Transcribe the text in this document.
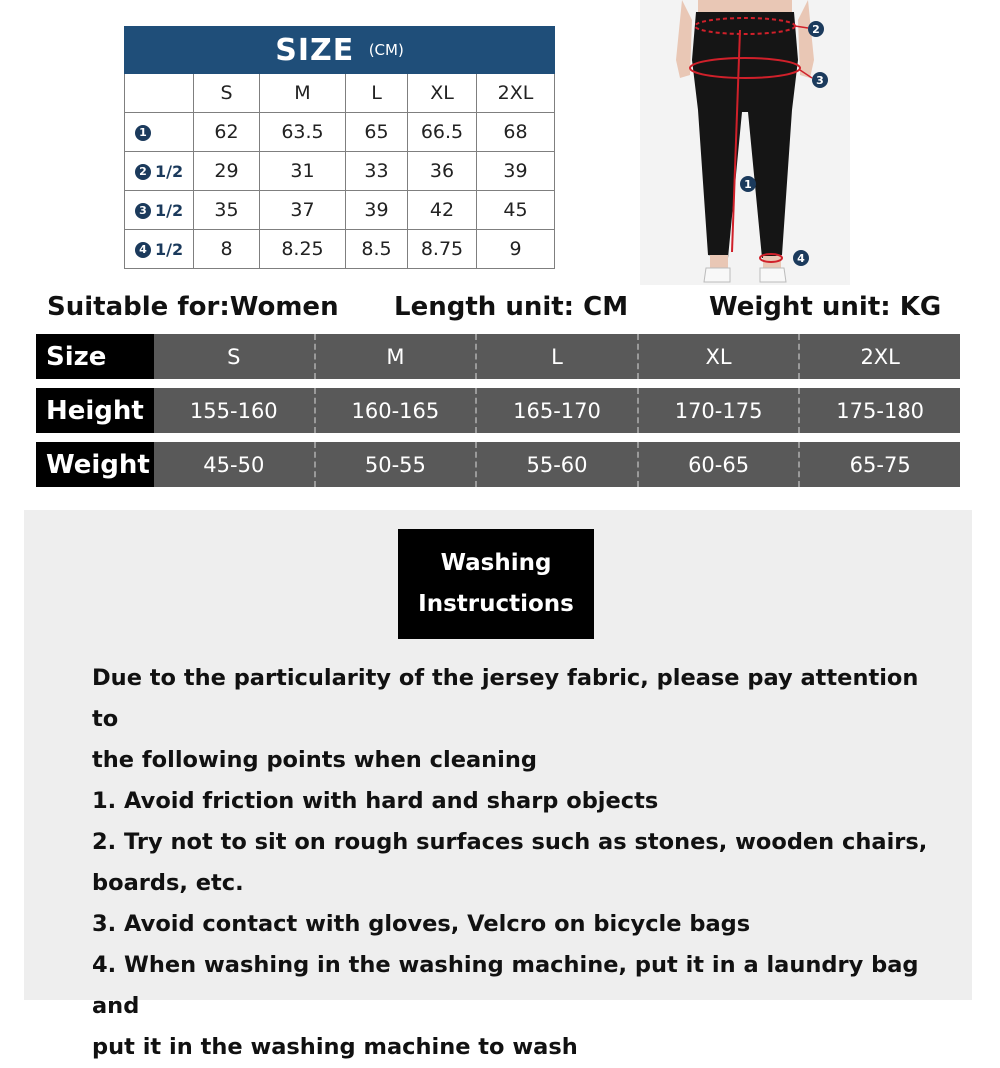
SIZE (CM)					
	S	M	L	XL	2XL
1	62	63.5	65	66.5	68
2 1/2	29	31	33	36	39
3 1/2	35	37	39	42	45
4 1/2	8	8.25	8.5	8.75	9
2
3
1
4
Suitable for:Women Length unit: CM	Weight unit: KG
Size	S	M	L	XL	2XL
Height	155-160	160-165	165-170	170-175	175-180
Weight	45-50	50-55	55-60	60-65	65-75
Washing
Instructions

Due to the particularity of the jersey fabric, please pay attention to

the following points when cleaning

1. Avoid friction with hard and sharp objects

2. Try not to sit on rough surfaces such as stones, wooden chairs,

boards, etc.

3. Avoid contact with gloves, Velcro on bicycle bags

4. When washing in the washing machine, put it in a laundry bag and

put it in the washing machine to wash
